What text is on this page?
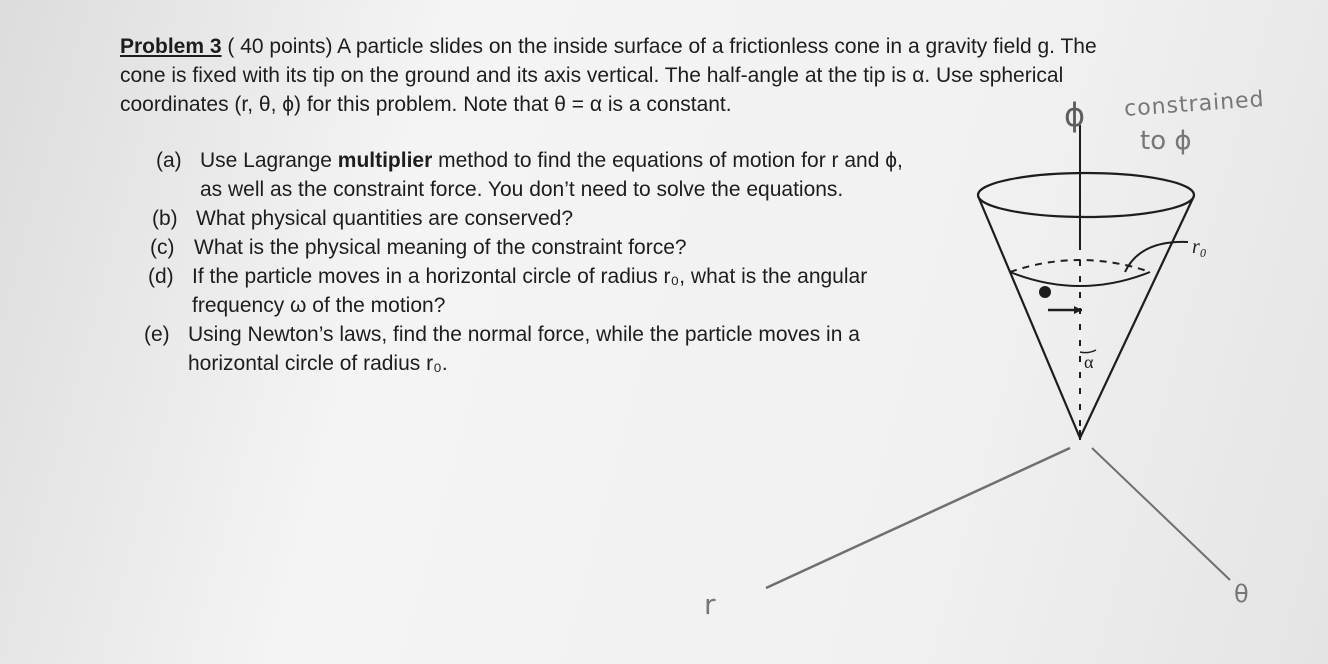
Problem 3 ( 40 points) A particle slides on the inside surface of a frictionless cone in a gravity field g. The cone is fixed with its tip on the ground and its axis vertical. The half-angle at the tip is α. Use spherical coordinates (r, θ, ϕ) for this problem. Note that θ = α is a constant.

(a) Use Lagrange multiplier method to find the equations of motion for r and ϕ, as well as the constraint force. You don’t need to solve the equations.
(b) What physical quantities are conserved?
(c) What is the physical meaning of the constraint force?
(d) If the particle moves in a horizontal circle of radius r₀, what is the angular frequency ω of the motion?
(e) Using Newton’s laws, find the normal force, while the particle moves in a horizontal circle of radius r₀.
r₀
α
ϕ constrained
to ϕ
r	θ
